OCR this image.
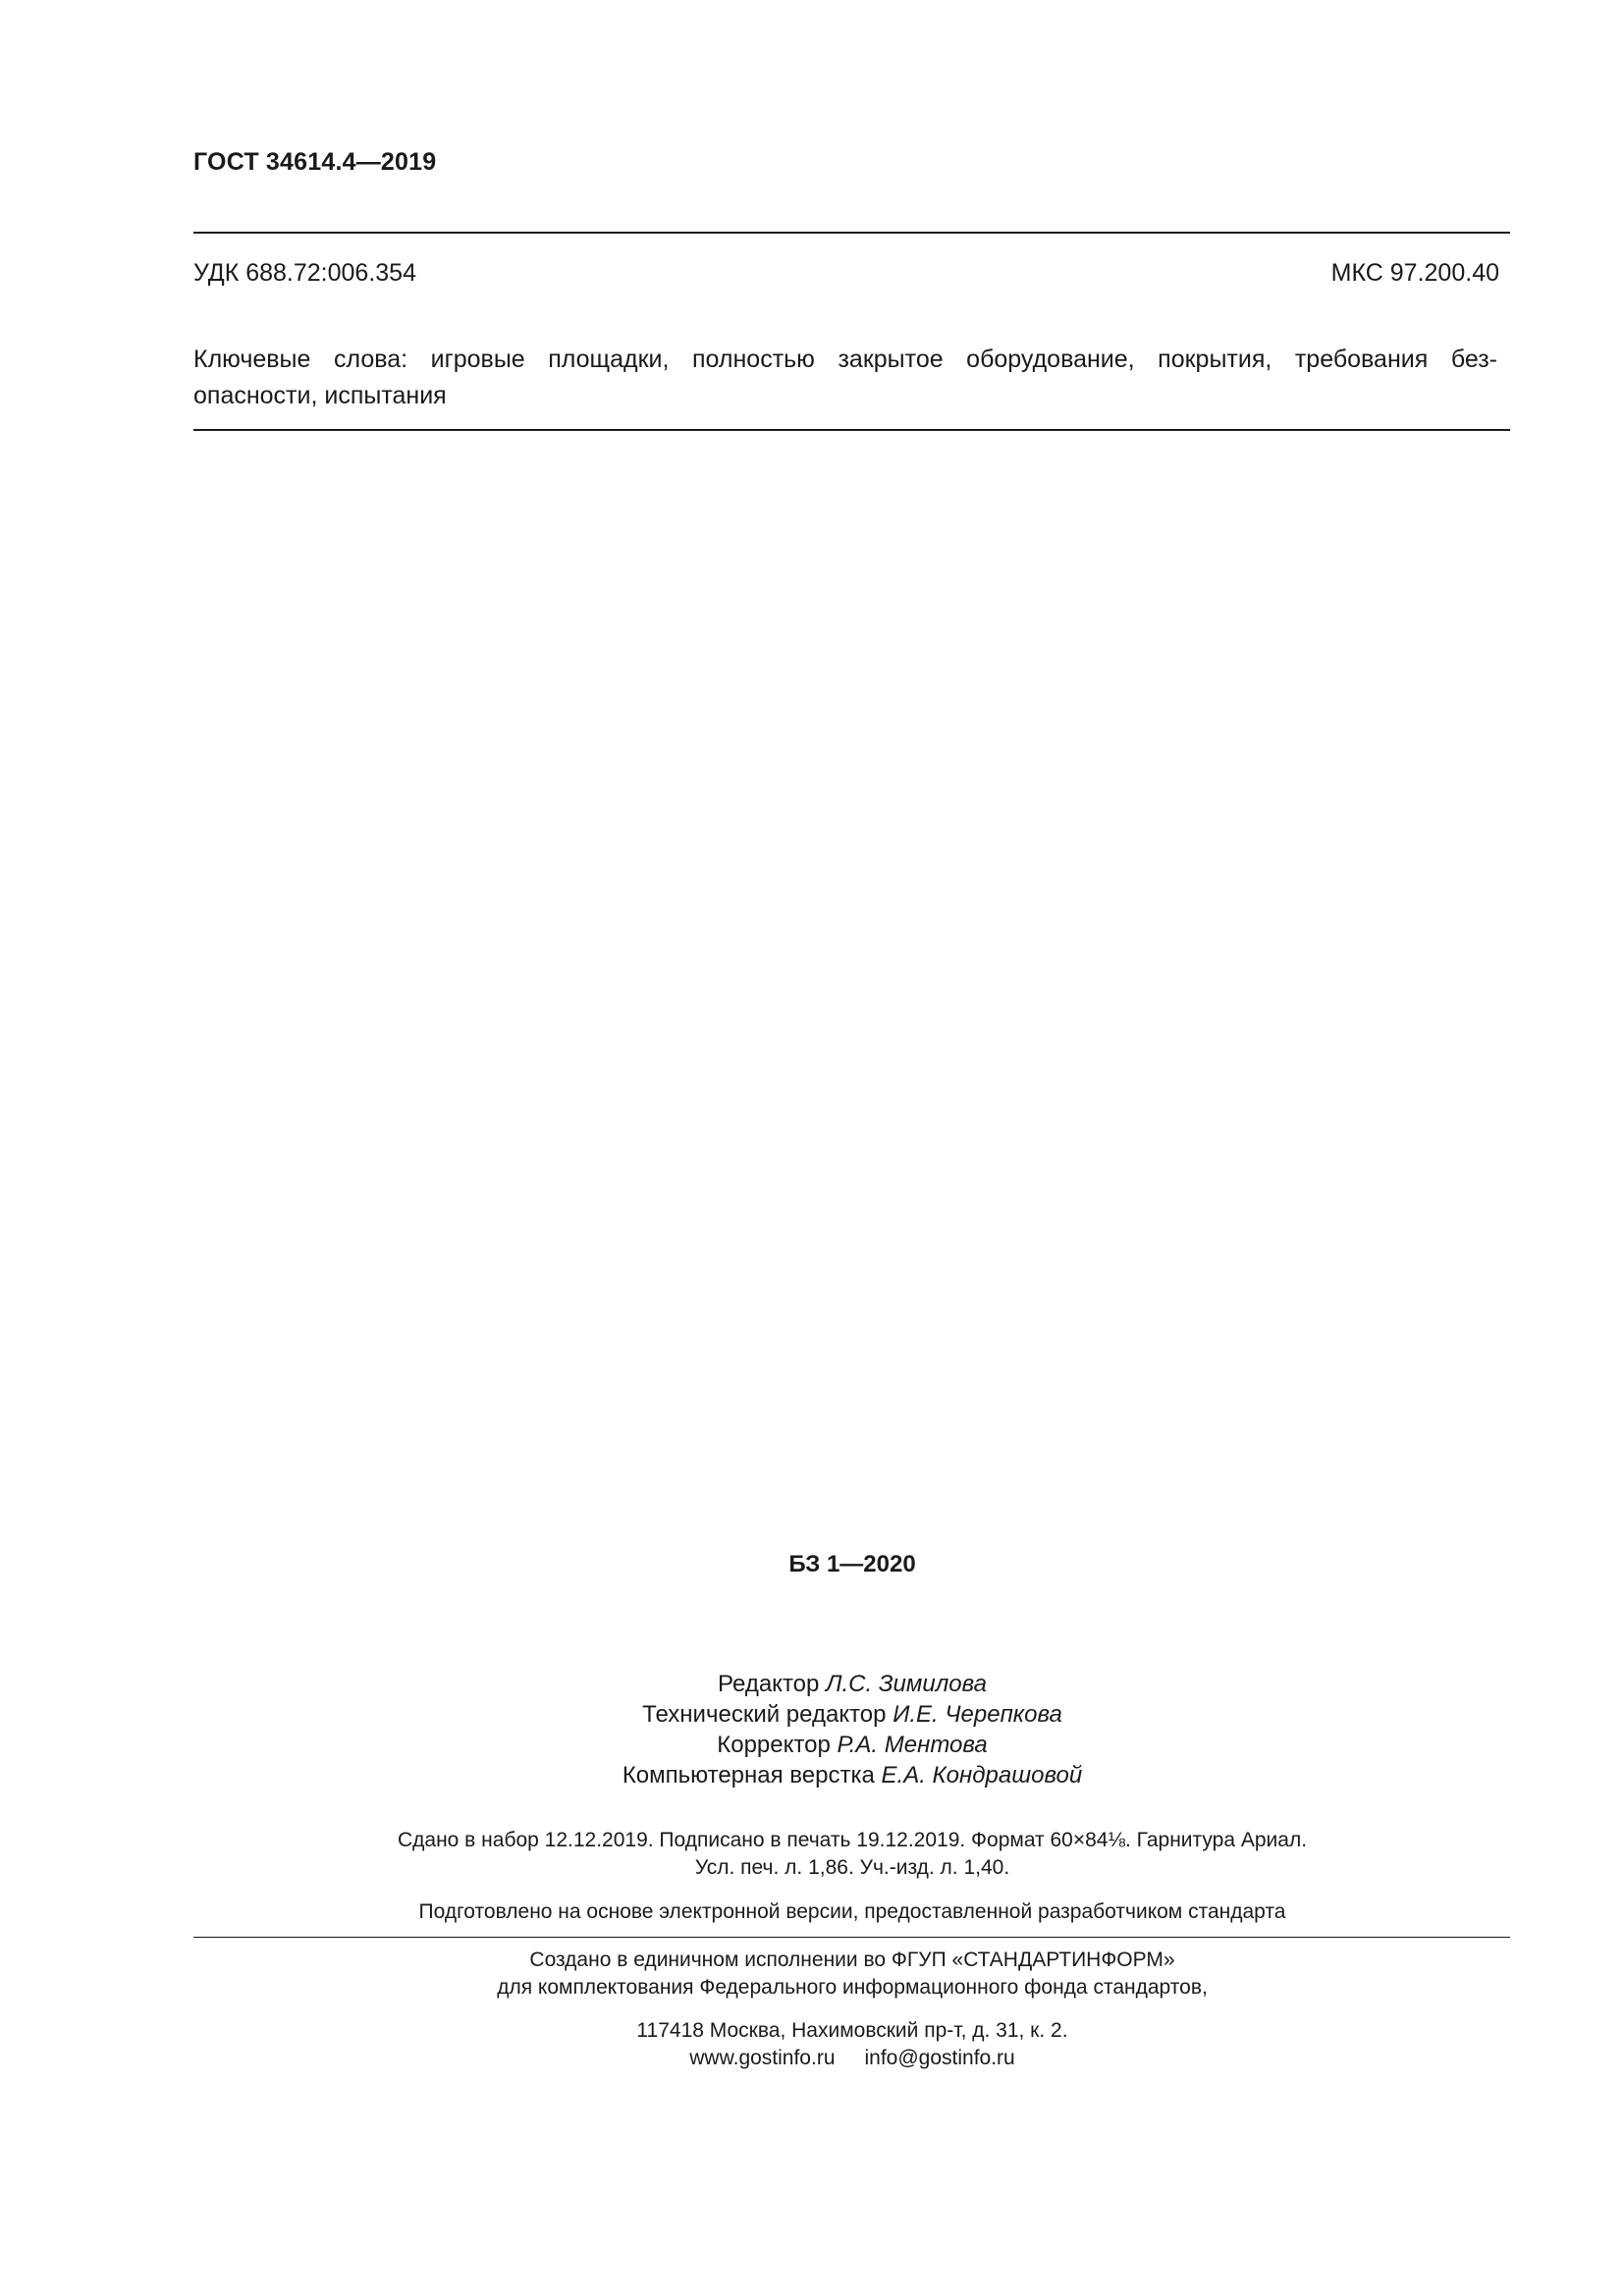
ГОСТ 34614.4—2019
УДК 688.72:006.354	МКС 97.200.40
Ключевые слова: игровые площадки, полностью закрытое оборудование, покрытия, требования без-
опасности, испытания
БЗ 1—2020
Редактор Л.С. Зимилова
Технический редактор И.Е. Черепкова
Корректор Р.А. Ментова
Компьютерная верстка Е.А. Кондрашовой
Сдано в набор 12.12.2019. Подписано в печать 19.12.2019. Формат 60×84⅛. Гарнитура Ариал.
Усл. печ. л. 1,86. Уч.-изд. л. 1,40.
Подготовлено на основе электронной версии, предоставленной разработчиком стандарта
Создано в единичном исполнении во ФГУП «СТАНДАРТИНФОРМ»
для комплектования Федерального информационного фонда стандартов,
117418 Москва, Нахимовский пр-т, д. 31, к. 2.
www.gostinfo.ru info@gostinfo.ru
